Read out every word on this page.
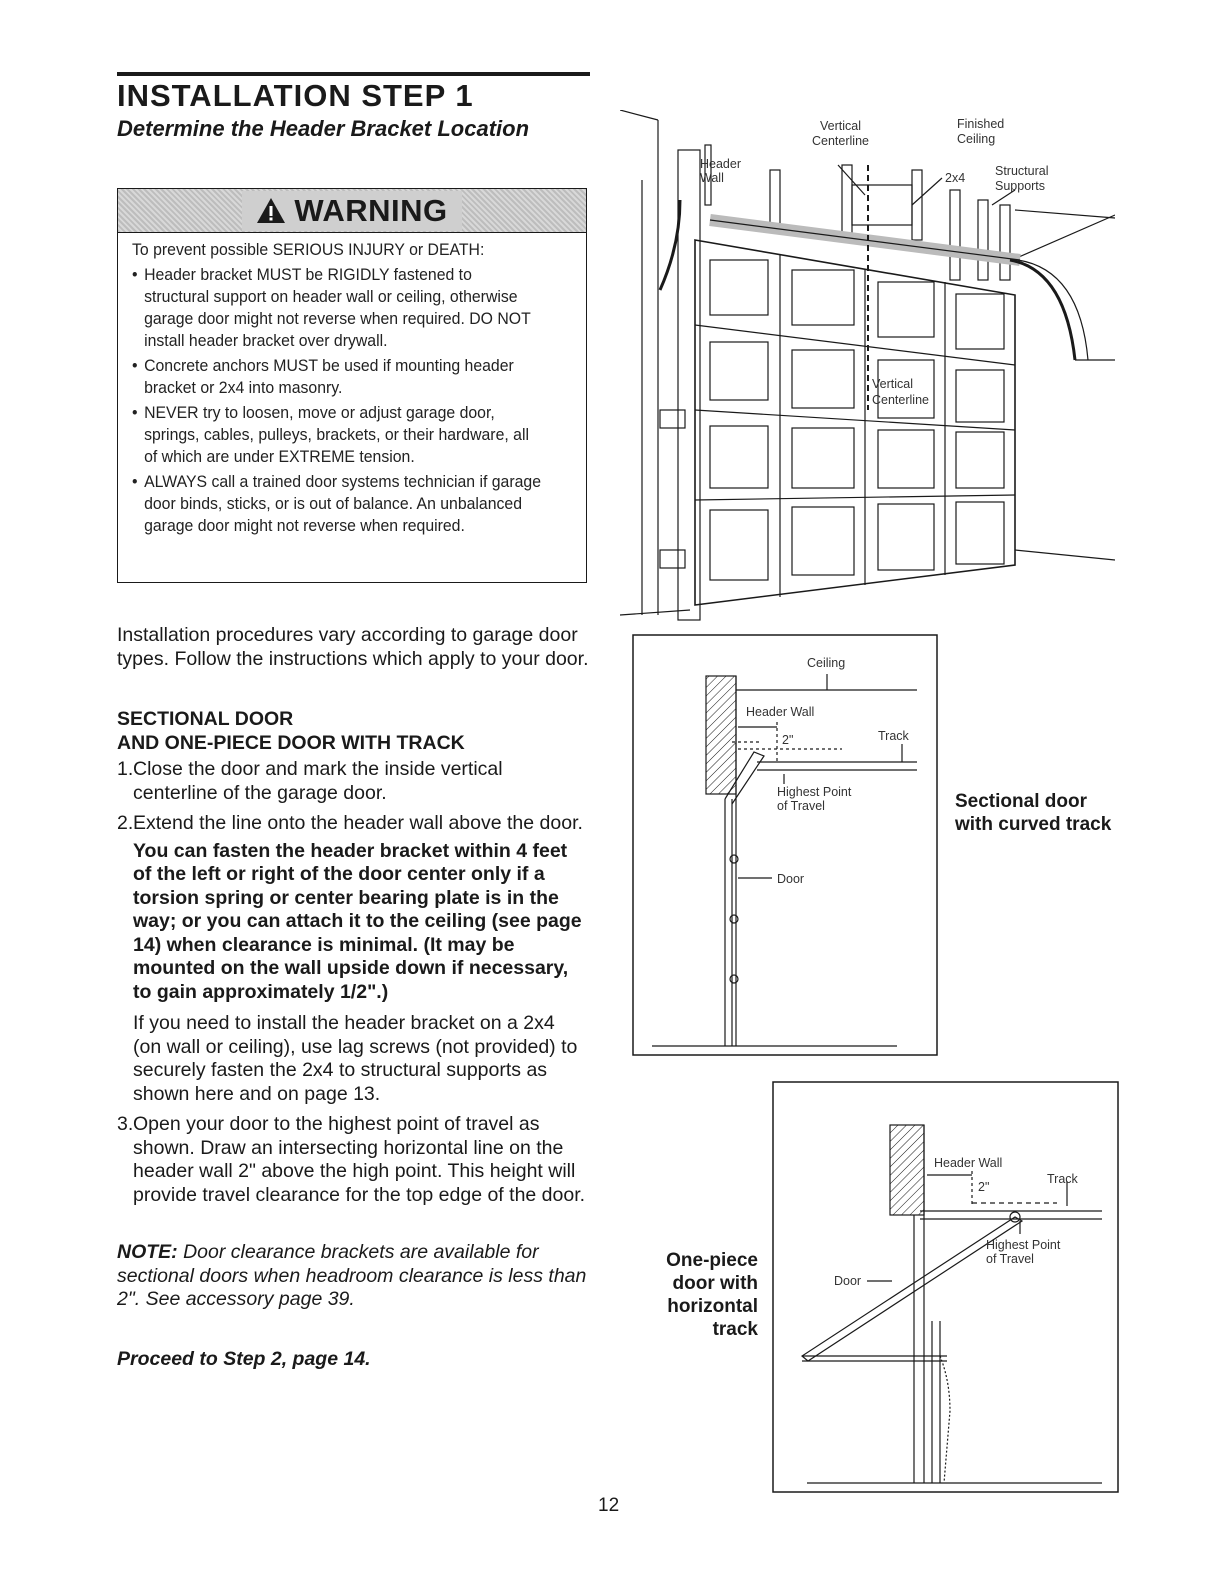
INSTALLATION STEP 1
Determine the Header Bracket Location
WARNING
To prevent possible SERIOUS INJURY or DEATH:
• Header bracket MUST be RIGIDLY fastened to structural support on header wall or ceiling, otherwise garage door might not reverse when required. DO NOT install header bracket over drywall.
• Concrete anchors MUST be used if mounting header bracket or 2x4 into masonry.
• NEVER try to loosen, move or adjust garage door, springs, cables, pulleys, brackets, or their hardware, all of which are under EXTREME tension.
• ALWAYS call a trained door systems technician if garage door binds, sticks, or is out of balance. An unbalanced garage door might not reverse when required.
Installation procedures vary according to garage door types. Follow the instructions which apply to your door.
SECTIONAL DOOR
AND ONE-PIECE DOOR WITH TRACK
1. Close the door and mark the inside vertical centerline of the garage door.
2. Extend the line onto the header wall above the door.
You can fasten the header bracket within 4 feet of the left or right of the door center only if a torsion spring or center bearing plate is in the way; or you can attach it to the ceiling (see page 14) when clearance is minimal. (It may be mounted on the wall upside down if necessary, to gain approximately 1/2".)
If you need to install the header bracket on a 2x4 (on wall or ceiling), use lag screws (not provided) to securely fasten the 2x4 to structural supports as shown here and on page 13.
3. Open your door to the highest point of travel as shown. Draw an intersecting horizontal line on the header wall 2" above the high point. This height will provide travel clearance for the top edge of the door.
NOTE: Door clearance brackets are available for sectional doors when headroom clearance is less than 2". See accessory page 39.
Proceed to Step 2, page 14.
12
Vertical
Centerline
Finished
Ceiling
Header
Wall	2x4 Structural
Supports
Vertical
Centerline
Ceiling
Header Wall
2"	Track
Highest Point
of Travel
Door
Sectional door with curved track
Header Wall
2"
Track
Highest Point
of Travel
Door
One-piece door with horizontal track
